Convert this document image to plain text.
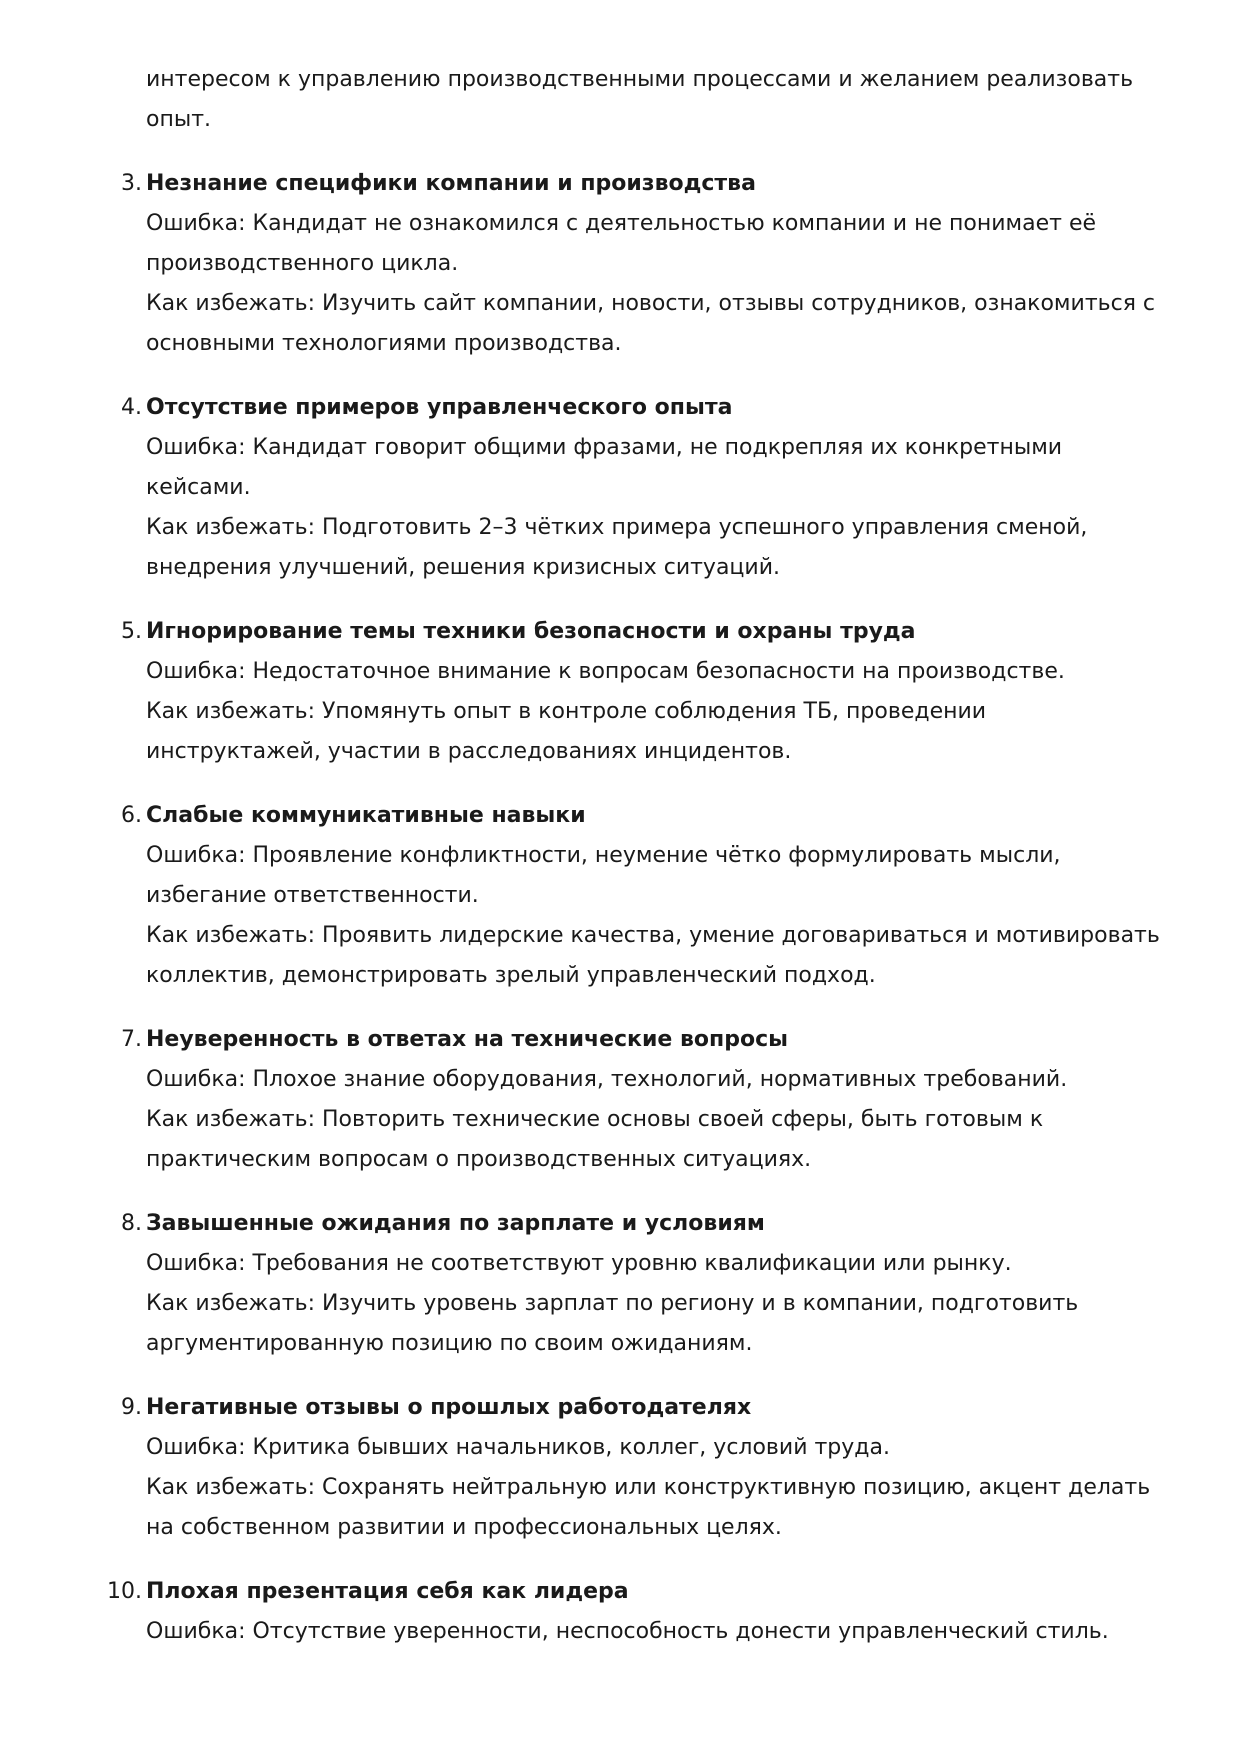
интересом к управлению производственными процессами и желанием реализовать опыт.

3. Незнание специфики компании и производства

Ошибка: Кандидат не ознакомился с деятельностью компании и не понимает её производственного цикла.

Как избежать: Изучить сайт компании, новости, отзывы сотрудников, ознакомиться с основными технологиями производства.

4. Отсутствие примеров управленческого опыта

Ошибка: Кандидат говорит общими фразами, не подкрепляя их конкретными кейсами.

Как избежать: Подготовить 2–3 чётких примера успешного управления сменой, внедрения улучшений, решения кризисных ситуаций.

5. Игнорирование темы техники безопасности и охраны труда

Ошибка: Недостаточное внимание к вопросам безопасности на производстве.

Как избежать: Упомянуть опыт в контроле соблюдения ТБ, проведении инструктажей, участии в расследованиях инцидентов.

6. Слабые коммуникативные навыки

Ошибка: Проявление конфликтности, неумение чётко формулировать мысли, избегание ответственности.

Как избежать: Проявить лидерские качества, умение договариваться и мотивировать коллектив, демонстрировать зрелый управленческий подход.

7. Неуверенность в ответах на технические вопросы

Ошибка: Плохое знание оборудования, технологий, нормативных требований.

Как избежать: Повторить технические основы своей сферы, быть готовым к практическим вопросам о производственных ситуациях.

8. Завышенные ожидания по зарплате и условиям

Ошибка: Требования не соответствуют уровню квалификации или рынку.

Как избежать: Изучить уровень зарплат по региону и в компании, подготовить аргументированную позицию по своим ожиданиям.

9. Негативные отзывы о прошлых работодателях

Ошибка: Критика бывших начальников, коллег, условий труда.

Как избежать: Сохранять нейтральную или конструктивную позицию, акцент делать на собственном развитии и профессиональных целях.

10. Плохая презентация себя как лидера

Ошибка: Отсутствие уверенности, неспособность донести управленческий стиль.
